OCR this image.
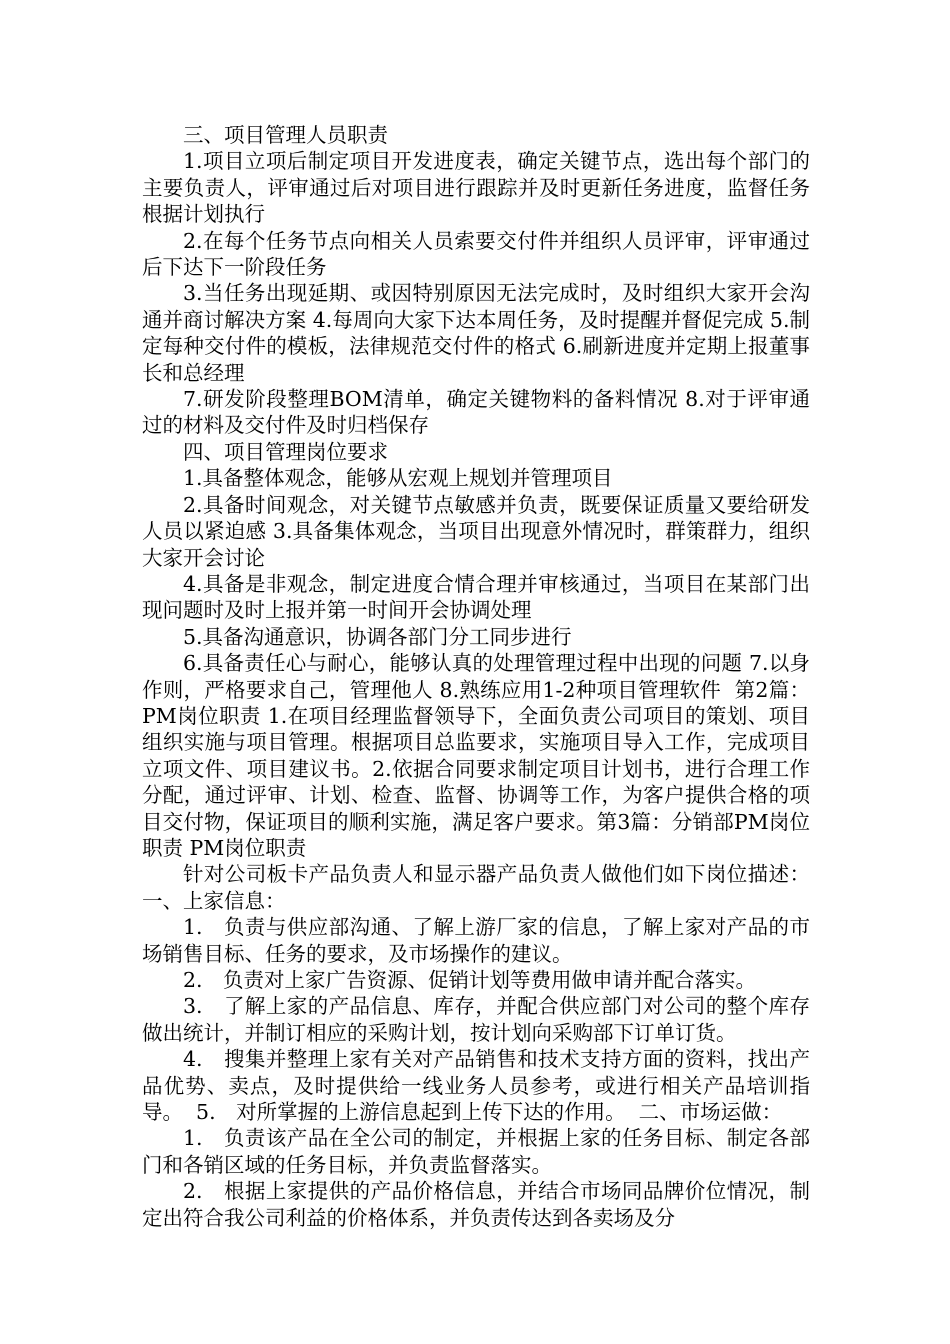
三、项目管理人员职责

1.项目立项后制定项目开发进度表，确定关键节点，选出每个部门的主要负责人，评审通过后对项目进行跟踪并及时更新任务进度，监督任务根据计划执行

2.在每个任务节点向相关人员索要交付件并组织人员评审，评审通过后下达下一阶段任务

3.当任务出现延期、或因特别原因无法完成时，及时组织大家开会沟通并商讨解决方案 4.每周向大家下达本周任务，及时提醒并督促完成 5.制定每种交付件的模板，法律规范交付件的格式 6.刷新进度并定期上报董事长和总经理

7.研发阶段整理BOM清单，确定关键物料的备料情况 8.对于评审通过的材料及交付件及时归档保存

四、项目管理岗位要求

1.具备整体观念，能够从宏观上规划并管理项目

2.具备时间观念，对关键节点敏感并负责，既要保证质量又要给研发人员以紧迫感 3.具备集体观念，当项目出现意外情况时，群策群力，组织大家开会讨论

4.具备是非观念，制定进度合情合理并审核通过，当项目在某部门出现问题时及时上报并第一时间开会协调处理

5.具备沟通意识，协调各部门分工同步进行

6.具备责任心与耐心，能够认真的处理管理过程中出现的问题 7.以身作则，严格要求自己，管理他人 8.熟练应用1-2种项目管理软件  第2篇：PM岗位职责 1.在项目经理监督领导下，全面负责公司项目的策划、项目组织实施与项目管理。根据项目总监要求，实施项目导入工作，完成项目立项文件、项目建议书。2.依据合同要求制定项目计划书，进行合理工作分配，通过评审、计划、检查、监督、协调等工作，为客户提供合格的项目交付物，保证项目的顺利实施，满足客户要求。第3篇：分销部PM岗位职责 PM岗位职责

针对公司板卡产品负责人和显示器产品负责人做他们如下岗位描述：  一、上家信息：

1.　负责与供应部沟通、了解上游厂家的信息，了解上家对产品的市场销售目标、任务的要求，及市场操作的建议。

2.　负责对上家广告资源、促销计划等费用做申请并配合落实。

3.　了解上家的产品信息、库存，并配合供应部门对公司的整个库存做出统计，并制订相应的采购计划，按计划向采购部下订单订货。

4.　搜集并整理上家有关对产品销售和技术支持方面的资料，找出产品优势、卖点，及时提供给一线业务人员参考，或进行相关产品培训指导。  5.　对所掌握的上游信息起到上传下达的作用。  二、市场运做：

1.　负责该产品在全公司的制定，并根据上家的任务目标、制定各部门和各销区域的任务目标，并负责监督落实。

2.　根据上家提供的产品价格信息，并结合市场同品牌价位情况，制定出符合我公司利益的价格体系，并负责传达到各卖场及分
